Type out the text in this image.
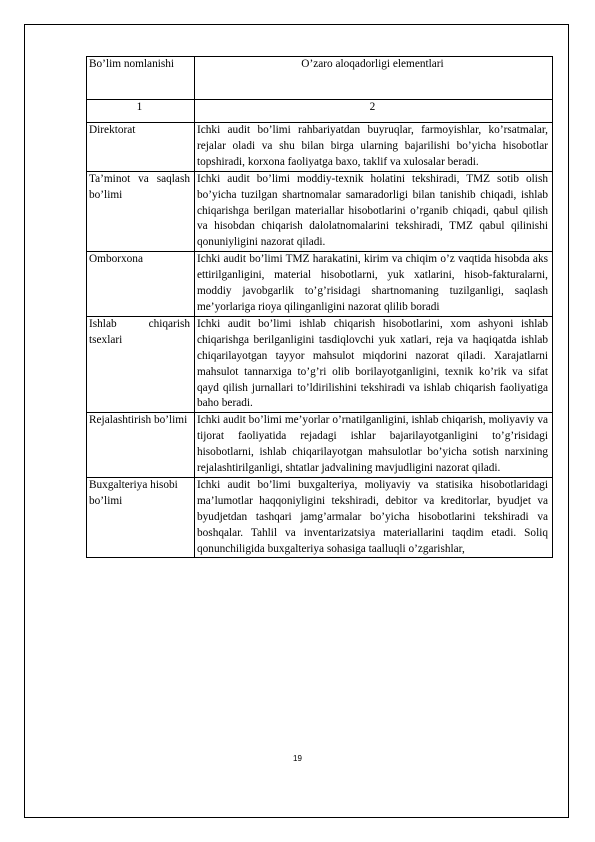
Bo’lim nomlanishi	O’zaro aloqadorligi elementlari
1	2
Direktorat	Ichki audit bo’limi rahbariyatdan buyruqlar, farmoyishlar, ko’rsatmalar, rejalar oladi va shu bilan birga ularning bajarilishi bo’yicha hisobotlar topshiradi, korxona faoliyatga baxo, taklif va xulosalar beradi.
Ta’minot va saqlash bo’limi	Ichki audit bo’limi moddiy-texnik holatini tekshiradi, TMZ sotib olish bo’yicha tuzilgan shartnomalar samaradorligi bilan tanishib chiqadi, ishlab chiqarishga berilgan materiallar hisobotlarini o’rganib chiqadi, qabul qilish va hisobdan chiqarish dalolatnomalarini tekshiradi, TMZ qabul qilinishi qonuniyligini nazorat qiladi.
Omborxona	Ichki audit bo’limi TMZ harakatini, kirim va chiqim o’z vaqtida hisobda aks ettirilganligini, material hisobotlarni, yuk xatlarini, hisob-fakturalarni, moddiy javobgarlik to’g’risidagi shartnomaning tuzilganligi, saqlash me’yorlariga rioya qilinganligini nazorat qlilib boradi
Ishlab chiqarish tsexlari	Ichki audit bo’limi ishlab chiqarish hisobotlarini, xom ashyoni ishlab chiqarishga berilganligini tasdiqlovchi yuk xatlari, reja va haqiqatda ishlab chiqarilayotgan tayyor mahsulot miqdorini nazorat qiladi. Xarajatlarni mahsulot tannarxiga to’g’ri olib borilayotganligini, texnik ko’rik va sifat qayd qilish jurnallari to’ldirilishini tekshiradi va ishlab chiqarish faoliyatiga baho beradi.
Rejalashtirish bo’limi	Ichki audit bo’limi me’yorlar o’rnatilganligini, ishlab chiqarish, moliyaviy va tijorat faoliyatida rejadagi ishlar bajarilayotganligini to’g’risidagi hisobotlarni, ishlab chiqarilayotgan mahsulotlar bo’yicha sotish narxining rejalashtirilganligi, shtatlar jadvalining mavjudligini nazorat qiladi.
Buxgalteriya hisobi bo’limi	Ichki audit bo’limi buxgalteriya, moliyaviy va statisika hisobotlaridagi ma’lumotlar haqqoniyligini tekshiradi, debitor va kreditorlar, byudjet va byudjetdan tashqari jamg’armalar bo’yicha hisobotlarini tekshiradi va boshqalar. Tahlil va inventarizatsiya materiallarini taqdim etadi. Soliq qonunchiligida buxgalteriya sohasiga taalluqli o’zgarishlar,
19
